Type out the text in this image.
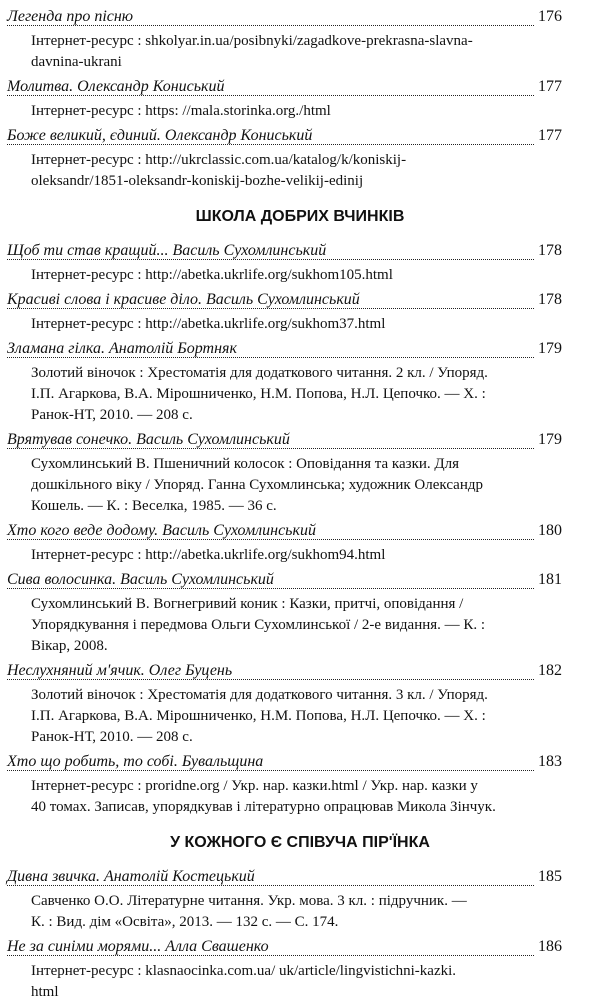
Легенда про пісню	176
Інтернет-ресурс : shkolyar.in.ua/posibnyki/zagadkove-prekrasna-slavna-
davnina-ukrani
Молитва. Олександр Кониський	177
Інтернет-ресурс : https: //mala.storinka.org./html
Боже великий, єдиний. Олександр Кониський	177
Інтернет-ресурс : http://ukrclassic.com.ua/katalog/k/koniskij-
oleksandr/1851-oleksandr-koniskij-bozhe-velikij-edinij
ШКОЛА ДОБРИХ ВЧИНКІВ
Щоб ти став кращий... Василь Сухомлинський	178
Інтернет-ресурс : http://abetka.ukrlife.org/sukhom105.html
Красиві слова і красиве діло. Василь Сухомлинський	178
Інтернет-ресурс : http://abetka.ukrlife.org/sukhom37.html
Зламана гілка. Анатолій Бортняк	179
Золотий віночок : Хрестоматія для додаткового читання. 2 кл. / Упоряд.
І.П. Агаркова, В.А. Мірошниченко, Н.М. Попова, Н.Л. Цепочко. — Х. :
Ранок-НТ, 2010. — 208 с.
Врятував сонечко. Василь Сухомлинський	179
Сухомлинський В. Пшеничний колосок : Оповідання та казки. Для
дошкільного віку / Упоряд. Ганна Сухомлинська; художник Олександр
Кошель. — К. : Веселка, 1985. — 36 с.
Хто кого веде додому. Василь Сухомлинський	180
Інтернет-ресурс : http://abetka.ukrlife.org/sukhom94.html
Сива волосинка. Василь Сухомлинський	181
Сухомлинський В. Вогнегривий коник : Казки, притчі, оповідання /
Упорядкування і передмова Ольги Сухомлинської / 2-е видання. — К. :
Вікар, 2008.
Неслухняний м'ячик. Олег Буцень	182
Золотий віночок : Хрестоматія для додаткового читання. 3 кл. / Упоряд.
І.П. Агаркова, В.А. Мірошниченко, Н.М. Попова, Н.Л. Цепочко. — Х. :
Ранок-НТ, 2010. — 208 с.
Хто що робить, то собі. Бувальщина	183
Інтернет-ресурс : proridne.org / Укр. нар. казки.html / Укр. нар. казки у
40 томах. Записав, упорядкував і літературно опрацював Микола Зінчук.
У КОЖНОГО Є СПІВУЧА ПІР'ЇНКА
Дивна звичка. Анатолій Костецький	185
Савченко О.О. Літературне читання. Укр. мова. 3 кл. : підручник. —
К. : Вид. дім «Освіта», 2013. — 132 с. — С. 174.
Не за синіми морями... Алла Свашенко	186
Інтернет-ресурс : klasnaocinka.com.ua/ uk/article/lingvistichni-kazki.
html
